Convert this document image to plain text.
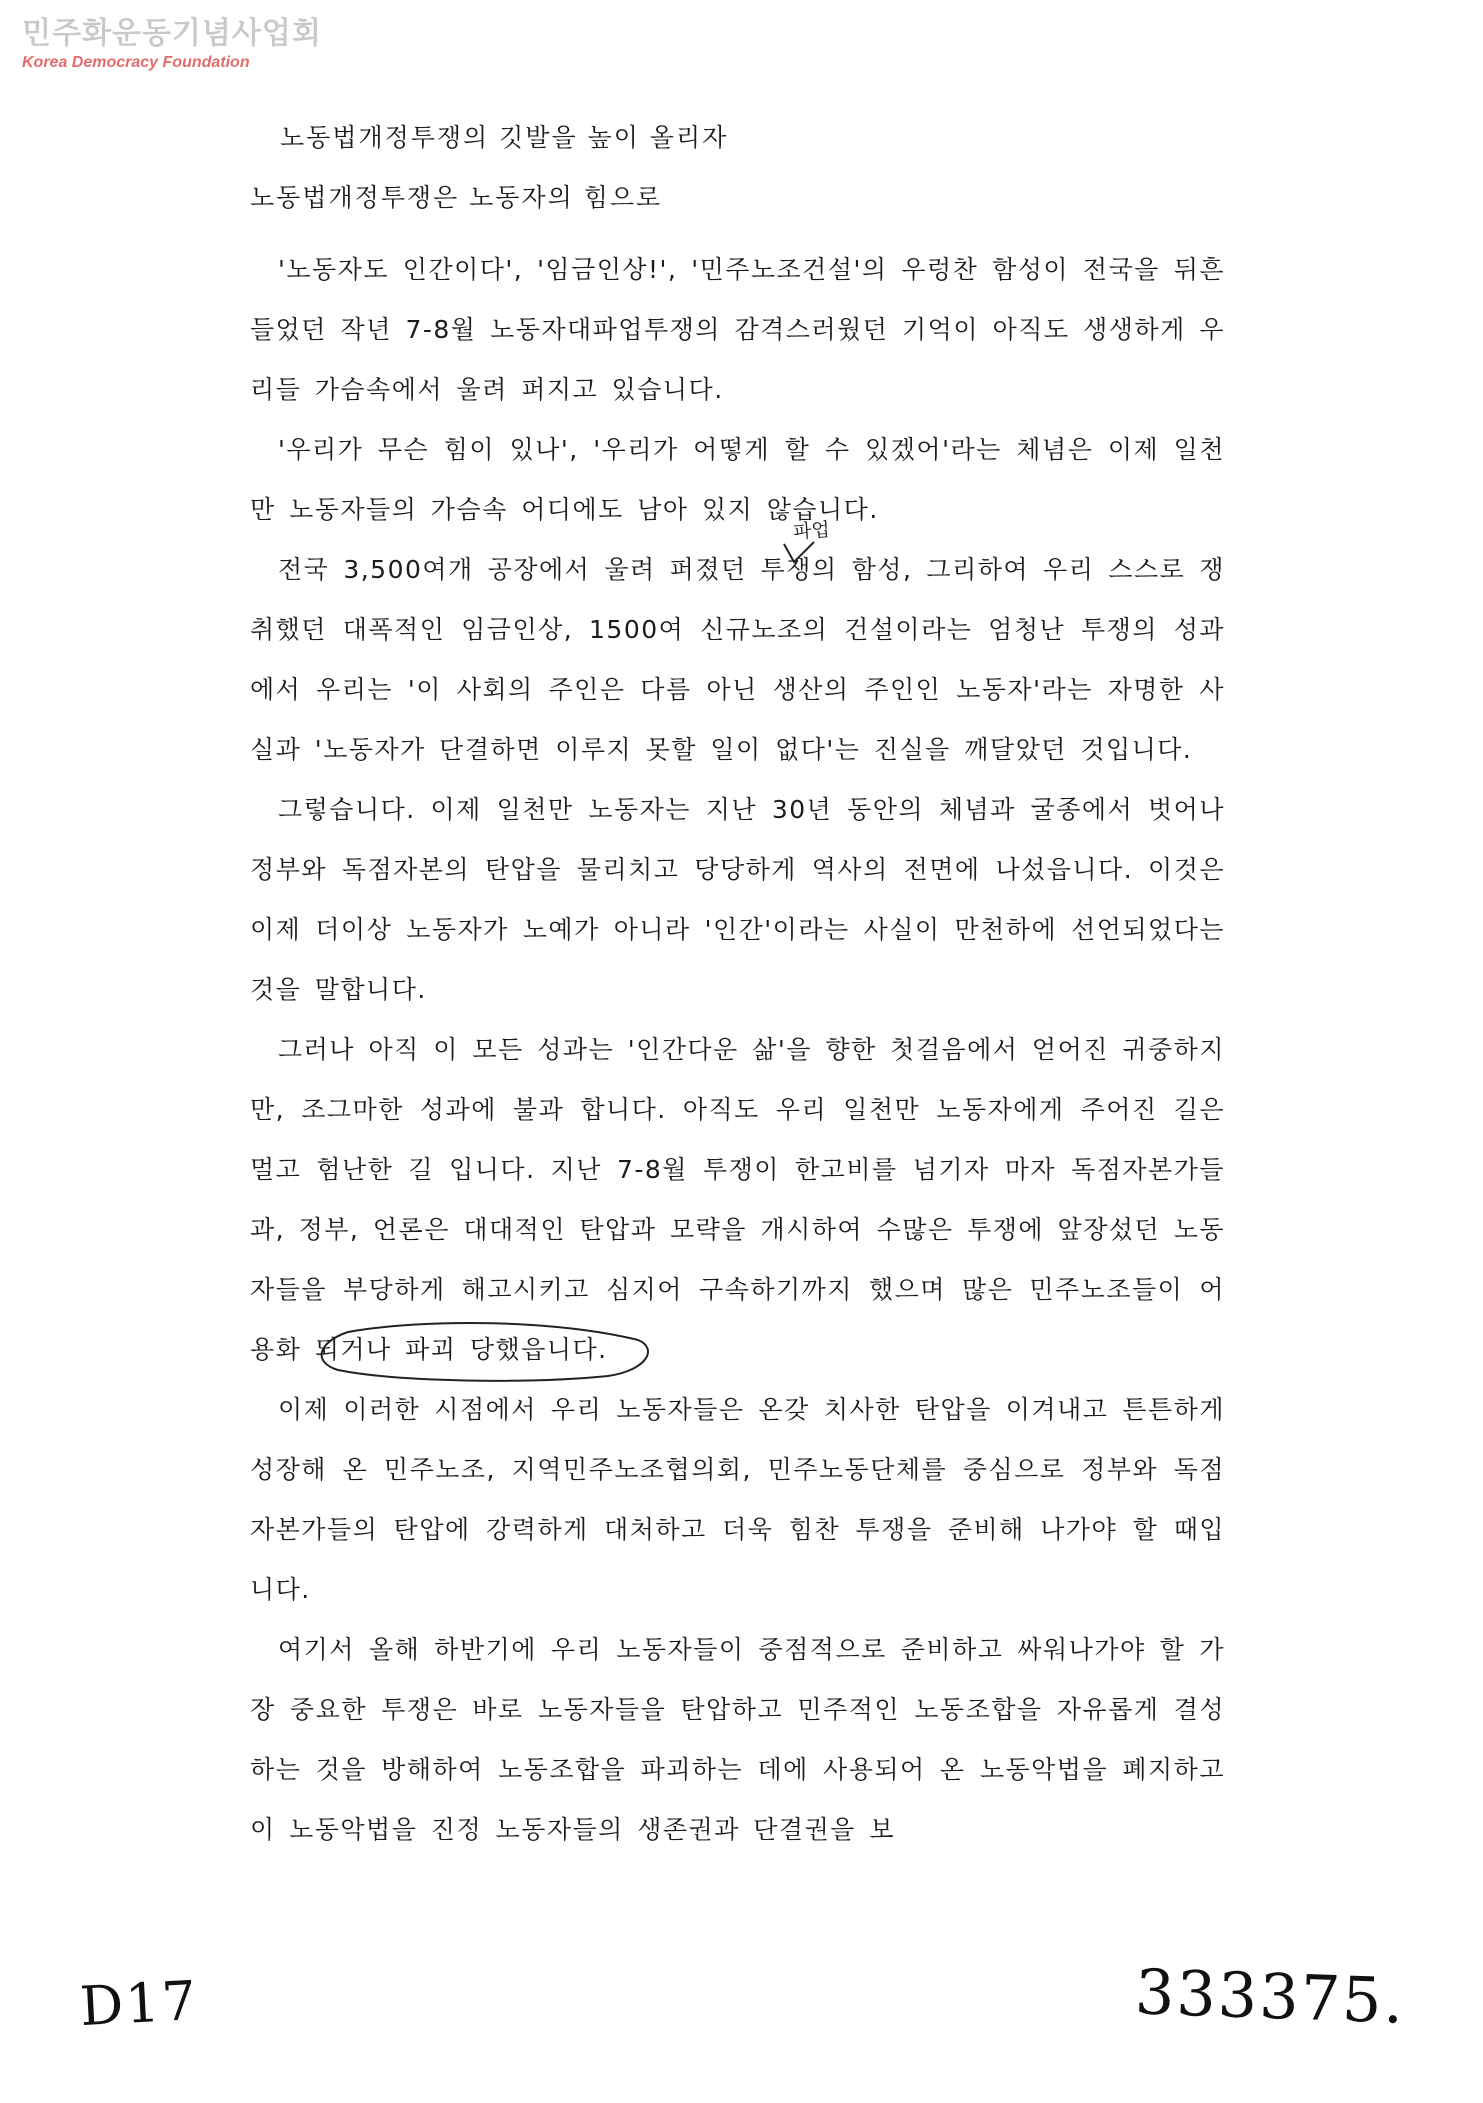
민주화운동기념사업회
Korea Democracy Foundation
노동법개정투쟁의 깃발을 높이 올리자
노동법개정투쟁은 노동자의 힘으로

'노동자도 인간이다', '임금인상!', '민주노조건설'의 우렁찬 함성이 전국을 뒤흔들었던 작년 7-8월 노동자대파업투쟁의 감격스러웠던 기억이 아직도 생생하게 우리들 가슴속에서 울려 퍼지고 있습니다.

'우리가 무슨 힘이 있나', '우리가 어떻게 할 수 있겠어'라는 체념은 이제 일천만 노동자들의 가슴속 어디에도 남아 있지 않습니다.

전국 3,500여개 공장에서 울려 퍼졌던 투쟁의 함성, 그리하여 우리 스스로 쟁취했던 대폭적인 임금인상, 1500여 신규노조의 건설이라는 엄청난 투쟁의 성과에서 우리는 '이 사회의 주인은 다름 아닌 생산의 주인인 노동자'라는 자명한 사실과 '노동자가 단결하면 이루지 못할 일이 없다'는 진실을 깨달았던 것입니다.

그렇습니다. 이제 일천만 노동자는 지난 30년 동안의 체념과 굴종에서 벗어나 정부와 독점자본의 탄압을 물리치고 당당하게 역사의 전면에 나섰읍니다. 이것은 이제 더이상 노동자가 노예가 아니라 '인간'이라는 사실이 만천하에 선언되었다는 것을 말합니다.

그러나 아직 이 모든 성과는 '인간다운 삶'을 향한 첫걸음에서 얻어진 귀중하지만, 조그마한 성과에 불과 합니다. 아직도 우리 일천만 노동자에게 주어진 길은 멀고 험난한 길 입니다. 지난 7-8월 투쟁이 한고비를 넘기자 마자 독점자본가들과, 정부, 언론은 대대적인 탄압과 모략을 개시하여 수많은 투쟁에 앞장섰던 노동자들을 부당하게 해고시키고 심지어 구속하기까지 했으며 많은 민주노조들이 어용화 되거나 파괴 당했읍니다.

이제 이러한 시점에서 우리 노동자들은 온갖 치사한 탄압을 이겨내고 튼튼하게 성장해 온 민주노조, 지역민주노조협의회, 민주노동단체를 중심으로 정부와 독점자본가들의 탄압에 강력하게 대처하고 더욱 힘찬 투쟁을 준비해 나가야 할 때입니다.

여기서 올해 하반기에 우리 노동자들이 중점적으로 준비하고 싸워나가야 할 가장 중요한 투쟁은 바로 노동자들을 탄압하고 민주적인 노동조합을 자유롭게 결성하는 것을 방해하여 노동조합을 파괴하는 데에 사용되어 온 노동악법을 폐지하고 이 노동악법을 진정 노동자들의 생존권과 단결권을 보

파업
D17	333375.
